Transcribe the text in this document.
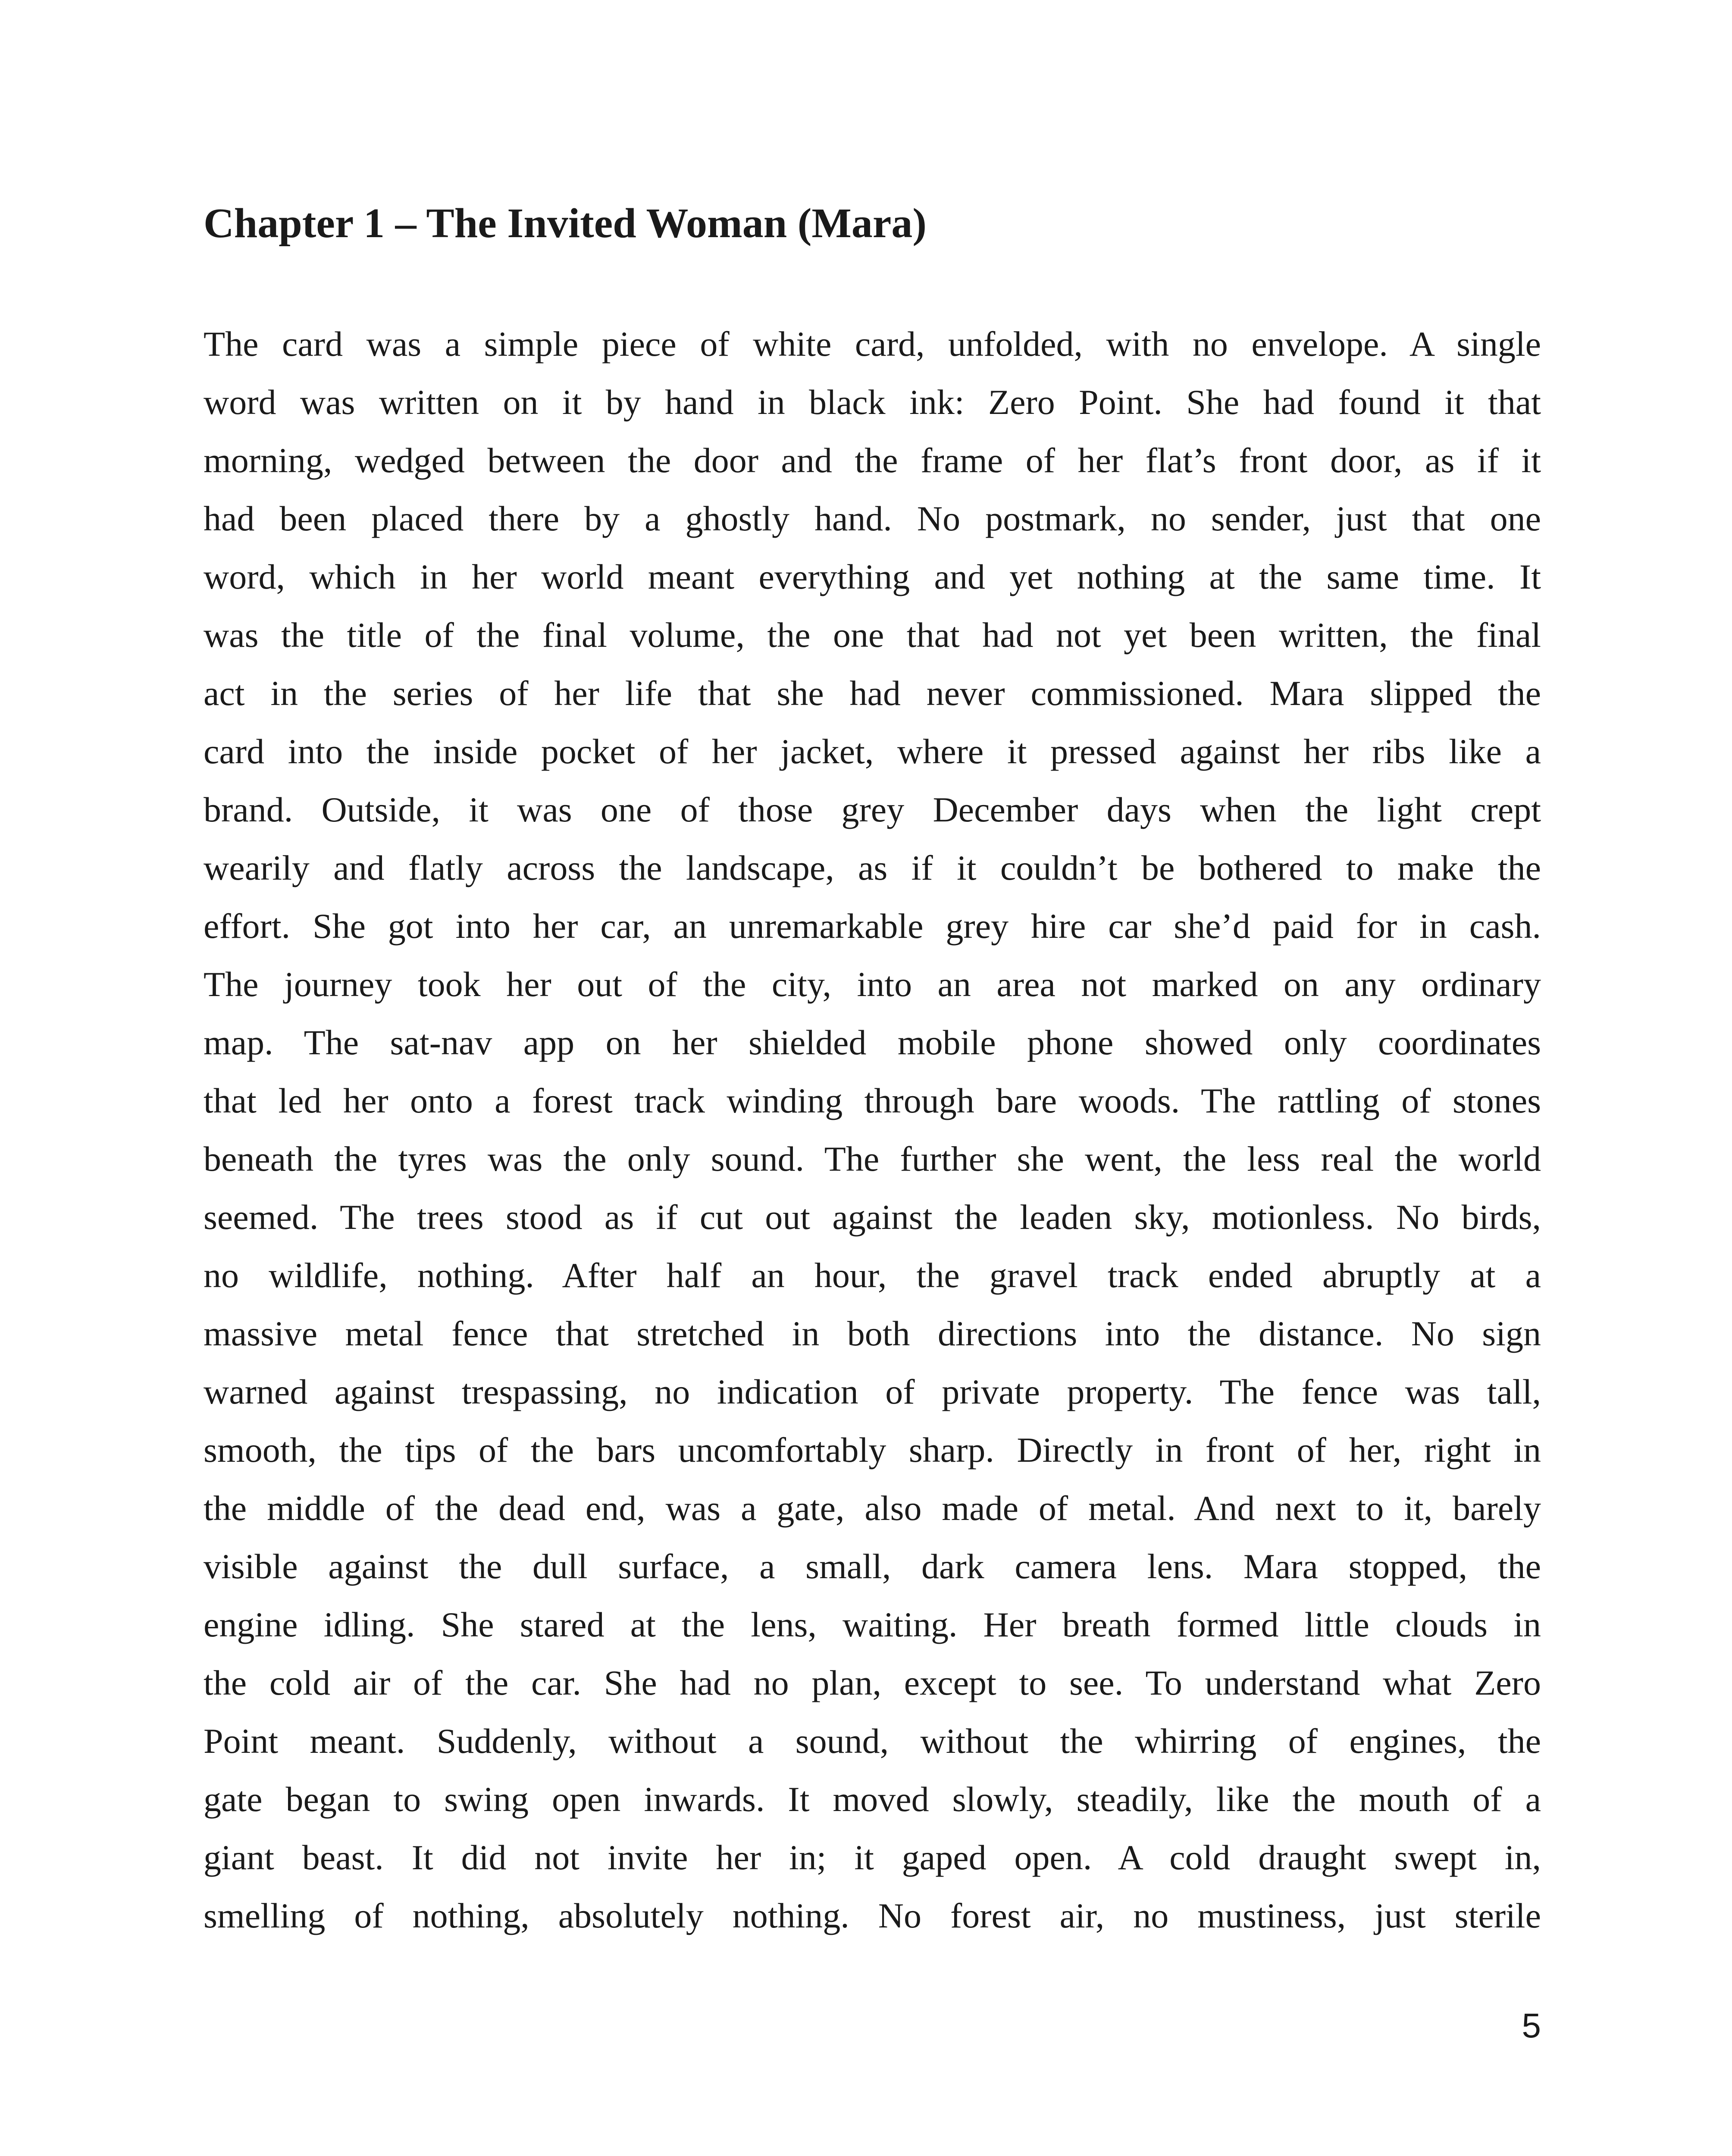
Chapter 1 – The Invited Woman (Mara)
The card was a simple piece of white card, unfolded, with no envelope. A single
word was written on it by hand in black ink: Zero Point. She had found it that
morning, wedged between the door and the frame of her flat’s front door, as if it
had been placed there by a ghostly hand. No postmark, no sender, just that one
word, which in her world meant everything and yet nothing at the same time. It
was the title of the final volume, the one that had not yet been written, the final
act in the series of her life that she had never commissioned. Mara slipped the
card into the inside pocket of her jacket, where it pressed against her ribs like a
brand. Outside, it was one of those grey December days when the light crept
wearily and flatly across the landscape, as if it couldn’t be bothered to make the
effort. She got into her car, an unremarkable grey hire car she’d paid for in cash.
The journey took her out of the city, into an area not marked on any ordinary
map. The sat-nav app on her shielded mobile phone showed only coordinates
that led her onto a forest track winding through bare woods. The rattling of stones
beneath the tyres was the only sound. The further she went, the less real the world
seemed. The trees stood as if cut out against the leaden sky, motionless. No birds,
no wildlife, nothing. After half an hour, the gravel track ended abruptly at a
massive metal fence that stretched in both directions into the distance. No sign
warned against trespassing, no indication of private property. The fence was tall,
smooth, the tips of the bars uncomfortably sharp. Directly in front of her, right in
the middle of the dead end, was a gate, also made of metal. And next to it, barely
visible against the dull surface, a small, dark camera lens. Mara stopped, the
engine idling. She stared at the lens, waiting. Her breath formed little clouds in
the cold air of the car. She had no plan, except to see. To understand what Zero
Point meant. Suddenly, without a sound, without the whirring of engines, the
gate began to swing open inwards. It moved slowly, steadily, like the mouth of a
giant beast. It did not invite her in; it gaped open. A cold draught swept in,
smelling of nothing, absolutely nothing. No forest air, no mustiness, just sterile
5
